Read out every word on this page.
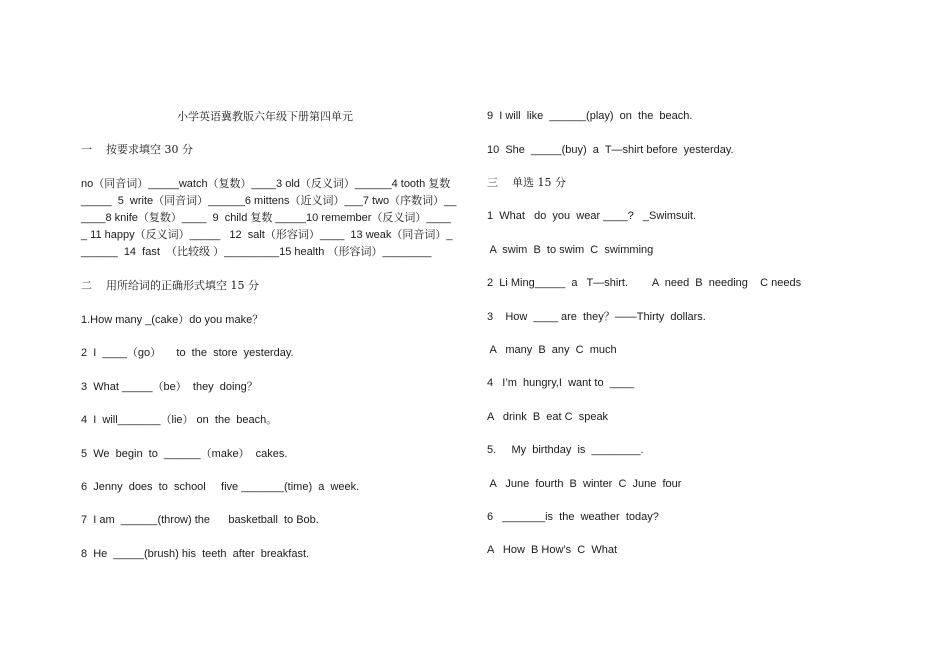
小学英语冀教版六年级下册第四单元
一    按要求填空 30 分
no（同音词）_____watch（复数）____3 old（反义词）______4 tooth 复数
_____  5  write（同音词）______6 mittens（近义词）___7 two（序数词）__
____8 knife（复数）____  9  child 复数 _____10 remember（反义词）____
_ 11 happy（反义词）_____   12  salt（形容词）____  13 weak（同音词）_
______  14  fast  （比较级 ）_________15 health （形容词）________
二    用所给词的正确形式填空 15 分
1.How many _(cake）do you make？
2  I  ____（go）     to  the  store  yesterday.
3  What _____（be）  they  doing？
4  I  will_______（lie） on  the  beach。
5  We  begin  to  ______（make）  cakes.
6  Jenny  does  to  school     five _______(time)  a  week.
7  I am  ______(throw) the      basketball  to Bob.
8  He  _____(brush) his  teeth  after  breakfast.
9  I will  like  ______(play)  on  the  beach.
10  She  _____(buy)  a  T—shirt before  yesterday.
三    单选 15 分
1  What   do  you  wear ____?   _Swimsuit.
A  swim  B  to swim  C  swimming
2  Li Ming_____  a   T—shirt.        A  need  B  needing    C needs
3    How  ____ are  they？——Thirty  dollars.
A   many  B  any  C  much
4   I’m  hungry,I  want to  ____
A   drink  B  eat C  speak
5.     My  birthday  is  ________.
A   June  fourth  B  winter  C  June  four
6   _______is  the  weather  today?
A   How  B How’s  C  What
